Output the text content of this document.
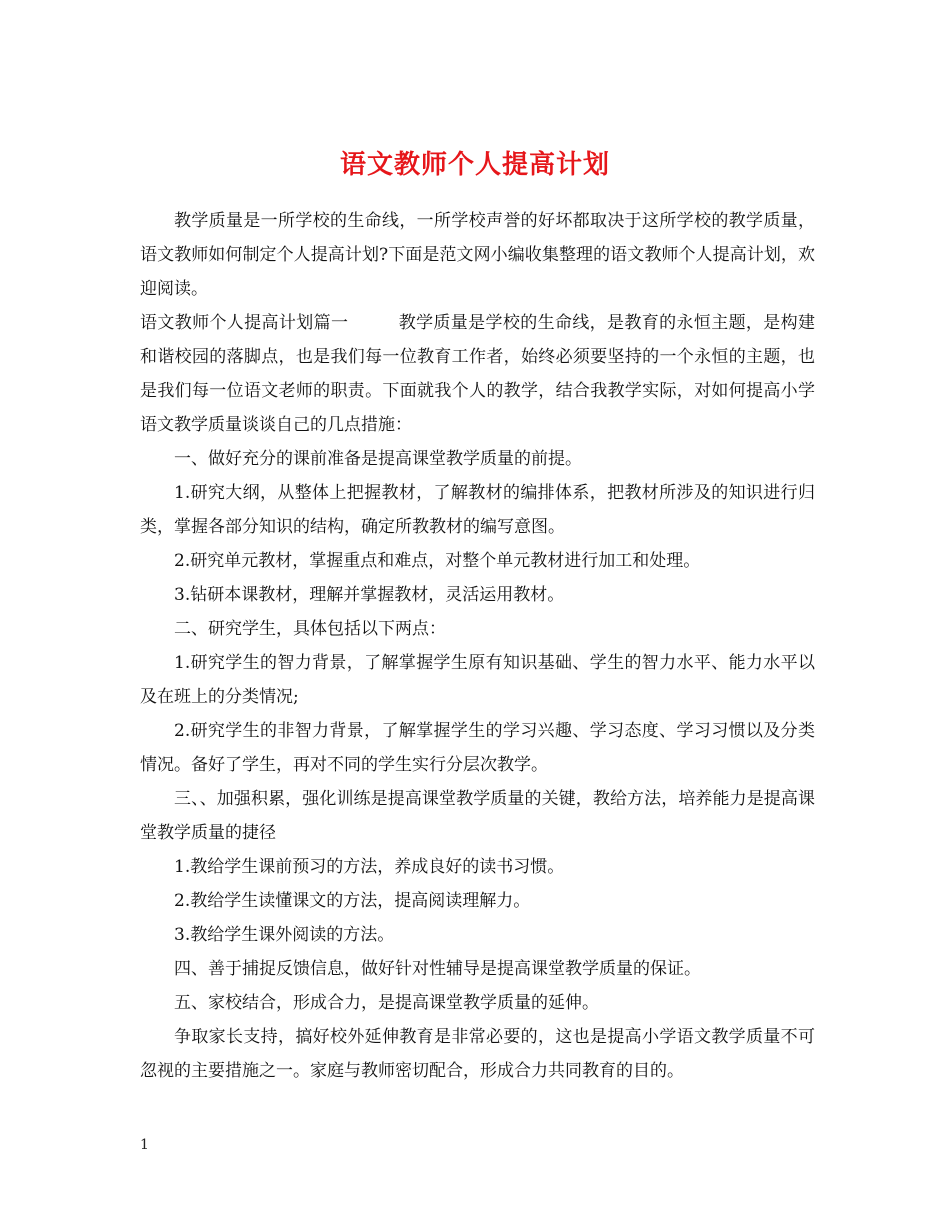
语文教师个人提高计划

教学质量是一所学校的生命线，一所学校声誉的好坏都取决于这所学校的教学质量，语文教师如何制定个人提高计划?下面是范文网小编收集整理的语文教师个人提高计划，欢迎阅读。

语文教师个人提高计划篇一	教学质量是学校的生命线，是教育的永恒主题，是构建和谐校园的落脚点，也是我们每一位教育工作者，始终必须要坚持的一个永恒的主题，也是我们每一位语文老师的职责。下面就我个人的教学，结合我教学实际，对如何提高小学语文教学质量谈谈自己的几点措施：

一、做好充分的课前准备是提高课堂教学质量的前提。

1.研究大纲，从整体上把握教材，了解教材的编排体系，把教材所涉及的知识进行归类，掌握各部分知识的结构，确定所教教材的编写意图。

2.研究单元教材，掌握重点和难点，对整个单元教材进行加工和处理。

3.钻研本课教材，理解并掌握教材，灵活运用教材。

二、研究学生，具体包括以下两点：

1.研究学生的智力背景，了解掌握学生原有知识基础、学生的智力水平、能力水平以及在班上的分类情况;

2.研究学生的非智力背景，了解掌握学生的学习兴趣、学习态度、学习习惯以及分类情况。备好了学生，再对不同的学生实行分层次教学。

三、、加强积累，强化训练是提高课堂教学质量的关键，教给方法，培养能力是提高课堂教学质量的捷径

1.教给学生课前预习的方法，养成良好的读书习惯。

2.教给学生读懂课文的方法，提高阅读理解力。

3.教给学生课外阅读的方法。

四、善于捕捉反馈信息，做好针对性辅导是提高课堂教学质量的保证。

五、家校结合，形成合力，是提高课堂教学质量的延伸。

争取家长支持，搞好校外延伸教育是非常必要的，这也是提高小学语文教学质量不可忽视的主要措施之一。家庭与教师密切配合，形成合力共同教育的目的。

1
